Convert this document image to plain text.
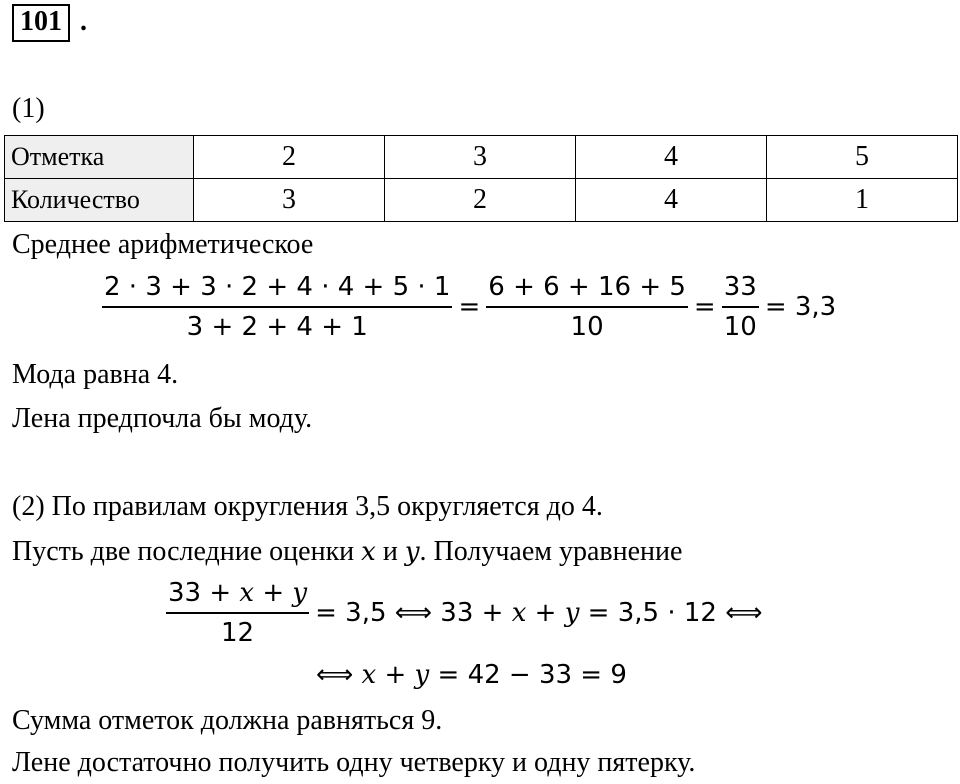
101 .
(1)
Отметка	2	3	4	5
Количество	3	2	4	1
Среднее арифметическое
$\frac{2 \cdot 3 + 3 \cdot 2 + 4 \cdot 4 + 5 \cdot 1}{3 + 2 + 4 + 1} = \frac{6 + 6 + 16 + 5}{10} = \frac{33}{10} = 3,3$
Мода равна 4.
Лена предпочла бы моду.
(2) По правилам округления 3,5 округляется до 4.
Пусть две последние оценки x и y. Получаем уравнение
$\frac{33 + x + y}{12} = 3,5$ ⟺ 33 + x + y = 3,5 · 12 ⟺
⟺ x + y = 42 − 33 = 9
Сумма отметок должна равняться 9.
Лене достаточно получить одну четверку и одну пятерку.
